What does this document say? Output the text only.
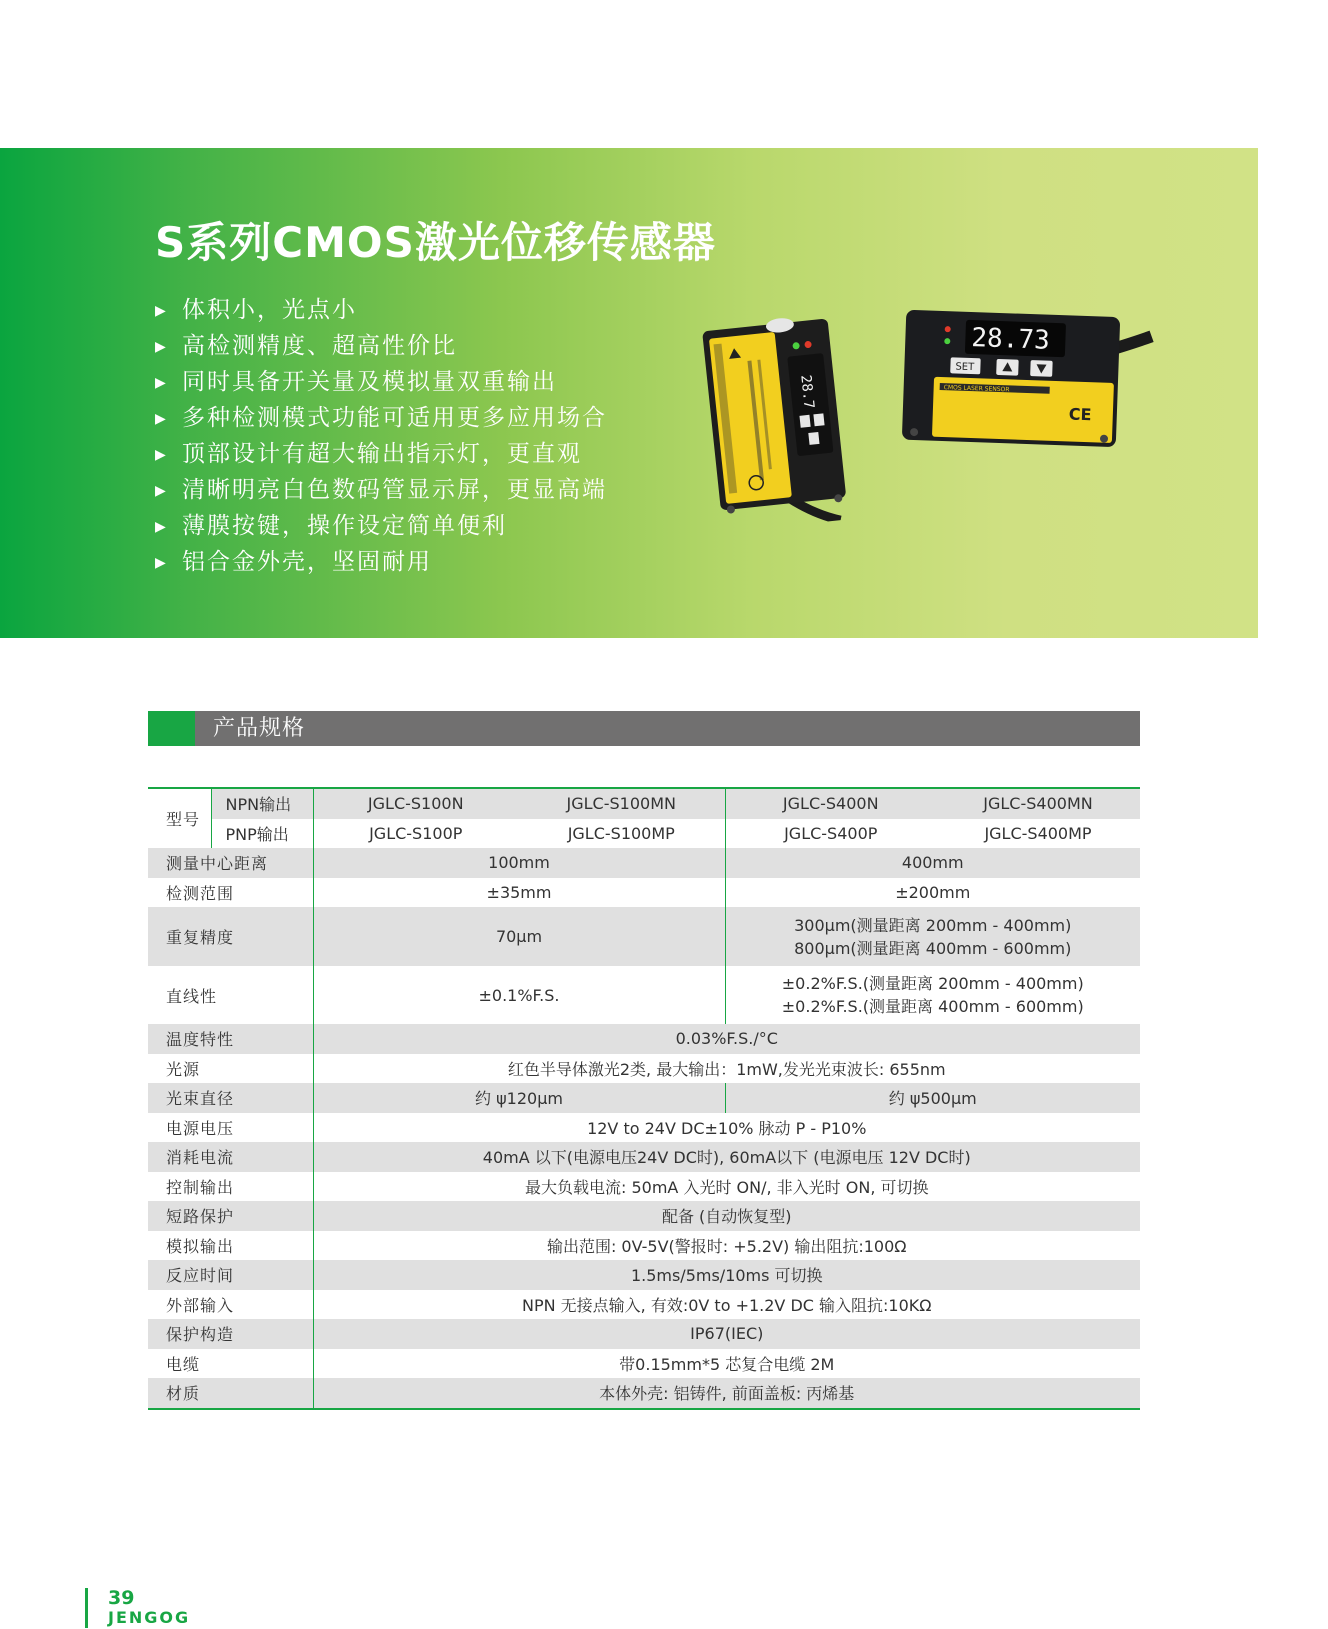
S系列CMOS激光位移传感器
▶ 体积小，光点小
▶ 高检测精度、超高性价比
▶ 同时具备开关量及模拟量双重输出
▶ 多种检测模式功能可适用更多应用场合
▶ 顶部设计有超大输出指示灯，更直观
▶ 清晰明亮白色数码管显示屏，更显高端
▶ 薄膜按键，操作设定简单便利
▶ 铝合金外壳，坚固耐用
28.7	CMOS LASER SENSOR
CE
28.73
SET
产品规格
型号	NPN输出	JGLC-S100N	JGLC-S100MN	JGLC-S400N	JGLC-S400MN
	PNP输出	JGLC-S100P	JGLC-S100MP	JGLC-S400P	JGLC-S400MP
测量中心距离		100mm		400mm	
检测范围		±35mm		±200mm	
重复精度		70μm		300μm(测量距离 200mm - 400mm)
800μm(测量距离 400mm - 600mm)	

直线性		±0.1%F.S.		±0.2%F.S.(测量距离 200mm - 400mm)
±0.2%F.S.(测量距离 400mm - 600mm)	

温度特性		0.03%F.S./°C			
光源		红色半导体激光2类, 最大输出：1mW,发光光束波长: 655nm			
光束直径		约 ψ120μm		约 ψ500μm	
电源电压		12V to 24V DC±10% 脉动 P - P10%			
消耗电流		40mA 以下(电源电压24V DC时), 60mA以下 (电源电压 12V DC时)			
控制输出		最大负载电流: 50mA 入光时 ON/, 非入光时 ON, 可切换			
短路保护		配备 (自动恢复型)			
模拟输出		输出范围: 0V-5V(警报时: +5.2V) 输出阻抗:100Ω			
反应时间		1.5ms/5ms/10ms 可切换			
外部输入		NPN 无接点输入, 有效:0V to +1.2V DC 输入阻抗:10KΩ			
保护构造		IP67(IEC)			
电缆		带0.15mm*5 芯复合电缆 2M			
材质		本体外壳: 铝铸件, 前面盖板: 丙烯基			
39
JENGOG
